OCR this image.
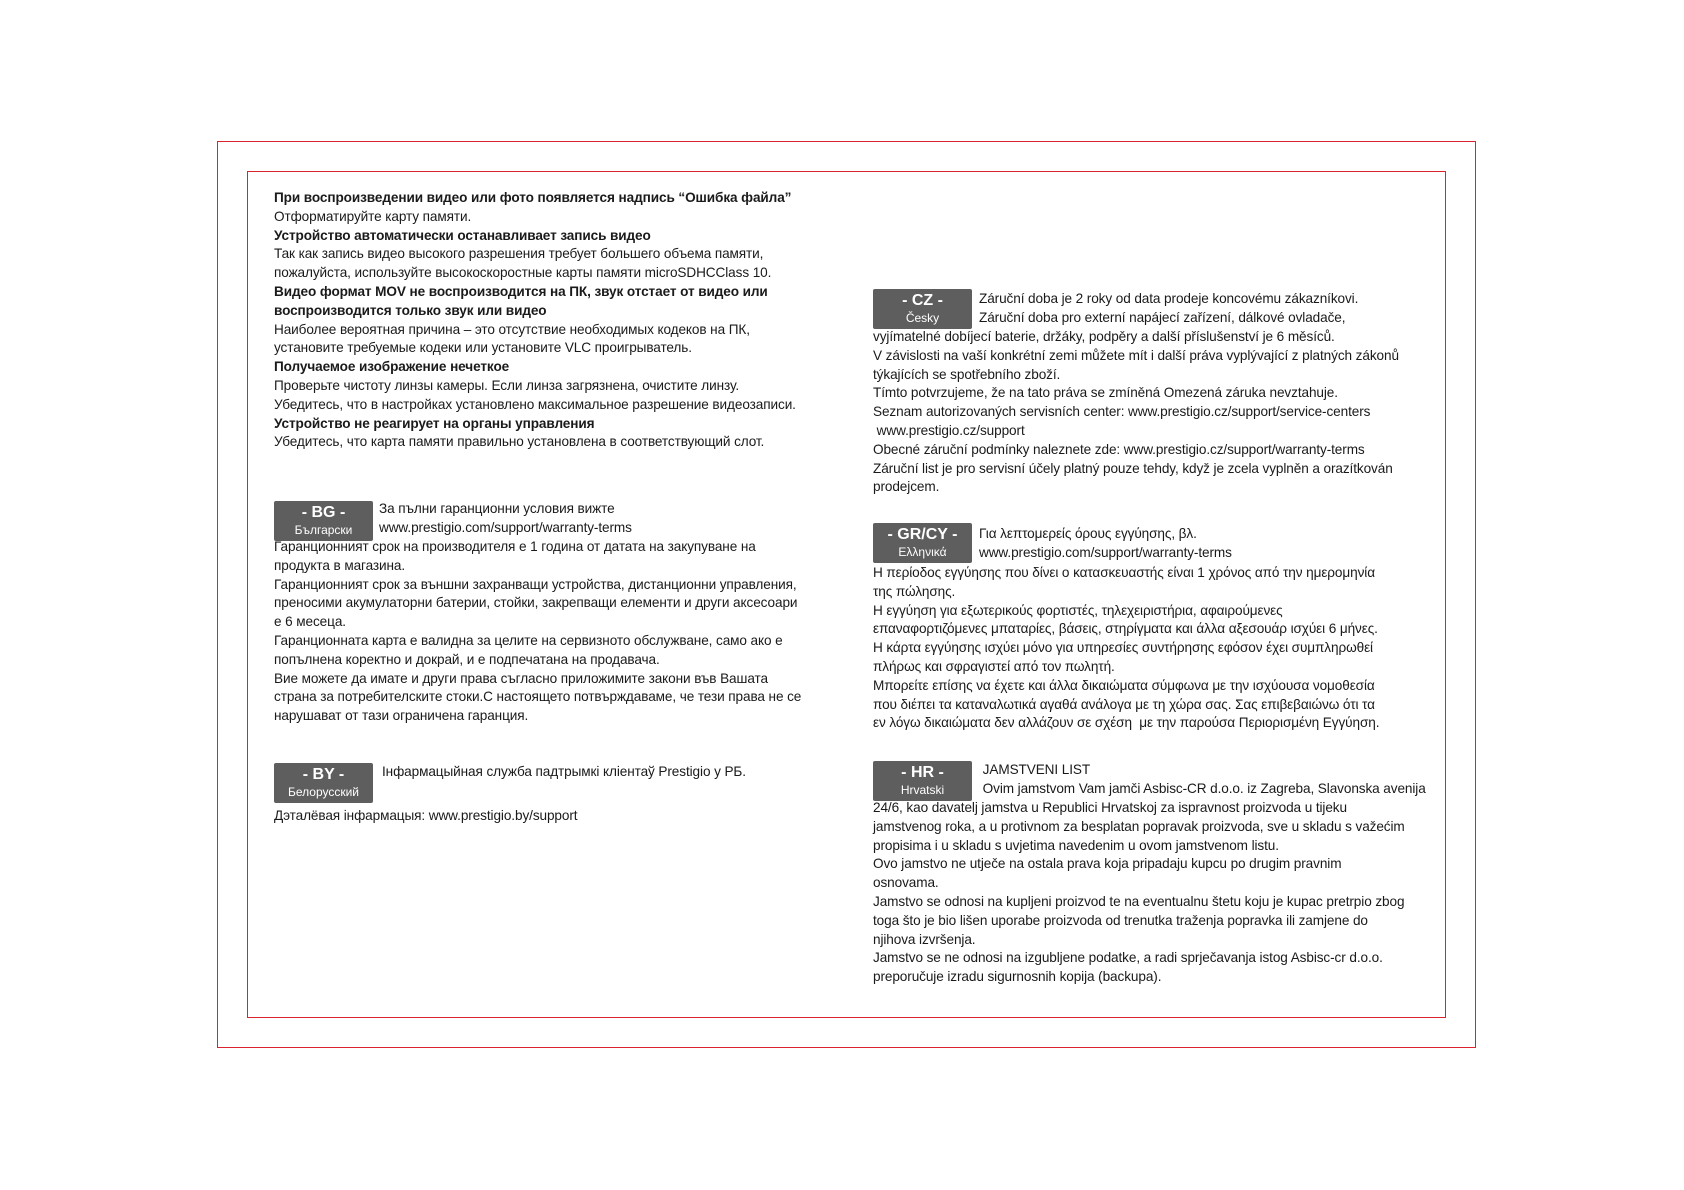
При воспроизведении видео или фото появляется надпись “Ошибка файла”

Отформатируйте карту памяти.

Устройство автоматически останавливает запись видео

Так как запись видео высокого разрешения требует большего объема памяти,

пожалуйста, используйте высокоскоростные карты памяти microSDHCClass 10.

Видео формат MOV не воспроизводится на ПК, звук отстает от видео или

воспроизводится только звук или видео

Наиболее вероятная причина – это отсутствие необходимых кодеков на ПК,

установите требуемые кодеки или установите VLC проигрыватель.

Получаемое изображение нечеткое

Проверьте чистоту линзы камеры. Если линза загрязнена, очистите линзу.

Убедитесь, что в настройках установлено максимальное разрешение видеозаписи.

Устройство не реагирует на органы управления

Убедитесь, что карта памяти правильно установлена в соответствующий слот.

- BG -
Български

За пълни гаранционни условия вижте

www.prestigio.com/support/warranty-terms

Гаранционният срок на производителя е 1 година от датата на закупуване на

продукта в магазина.

Гаранционният срок за външни захранващи устройства, дистанционни управления,

преносими акумулаторни батерии, стойки, закрепващи елементи и други аксесоари

е 6 месеца.

Гаранционната карта е валидна за целите на сервизното обслужване, само ако е

попълнена коректно и докрай, и е подпечатана на продавача.

Вие можете да имате и други права съгласно приложимите закони във Вашата

страна за потребителските стоки.С настоящето потвърждаваме, че тези права не се

нарушават от тази ограничена гаранция.

- BY -
Белорусский

Інфармацыйная служба падтрымкі кліентаў Prestigio у РБ.

Дэталёвая інфармацыя: www.prestigio.by/support

- CZ -
Česky

Záruční doba je 2 roky od data prodeje koncovému zákazníkovi.

Záruční doba pro externí napájecí zařízení, dálkové ovladače,

vyjímatelné dobíjecí baterie, držáky, podpěry a další příslušenství je 6 měsíců.

V závislosti na vaší konkrétní zemi můžete mít i další práva vyplývající z platných zákonů

týkajících se spotřebního zboží.

Tímto potvrzujeme, že na tato práva se zmíněná Omezená záruka nevztahuje.

Seznam autorizovaných servisních center: www.prestigio.cz/support/service-centers

www.prestigio.cz/support

Obecné záruční podmínky naleznete zde: www.prestigio.cz/support/warranty-terms

Záruční list je pro servisní účely platný pouze tehdy, když je zcela vyplněn a orazítkován

prodejcem.

- GR/CY -
Ελληνικά

Για λεπτομερείς όρους εγγύησης, βλ.

www.prestigio.com/support/warranty-terms

Η περίοδος εγγύησης που δίνει ο κατασκευαστής είναι 1 χρόνος από την ημερομηνία

της πώλησης.

Η εγγύηση για εξωτερικούς φορτιστές, τηλεχειριστήρια, αφαιρούμενες

επαναφορτιζόμενες μπαταρίες, βάσεις, στηρίγματα και άλλα αξεσουάρ ισχύει 6 μήνες.

Η κάρτα εγγύησης ισχύει μόνο για υπηρεσίες συντήρησης εφόσον έχει συμπληρωθεί

πλήρως και σφραγιστεί από τον πωλητή.

Μπορείτε επίσης να έχετε και άλλα δικαιώματα σύμφωνα με την ισχύουσα νομοθεσία

που διέπει τα καταναλωτικά αγαθά ανάλογα με τη χώρα σας. Σας επιβεβαιώνω ότι τα

εν λόγω δικαιώματα δεν αλλάζουν σε σχέση  με την παρούσα Περιορισμένη Εγγύηση.

- HR -
Hrvatski

JAMSTVENI LIST

Ovim jamstvom Vam jamči Asbisc-CR d.o.o. iz Zagreba, Slavonska avenija

24/6, kao davatelj jamstva u Republici Hrvatskoj za ispravnost proizvoda u tijeku

jamstvenog roka, a u protivnom za besplatan popravak proizvoda, sve u skladu s važećim

propisima i u skladu s uvjetima navedenim u ovom jamstvenom listu.

Ovo jamstvo ne utječe na ostala prava koja pripadaju kupcu po drugim pravnim

osnovama.

Jamstvo se odnosi na kupljeni proizvod te na eventualnu štetu koju je kupac pretrpio zbog

toga što je bio lišen uporabe proizvoda od trenutka traženja popravka ili zamjene do

njihova izvršenja.

Jamstvo se ne odnosi na izgubljene podatke, a radi sprječavanja istog Asbisc-cr d.o.o.

preporučuje izradu sigurnosnih kopija (backupa).
